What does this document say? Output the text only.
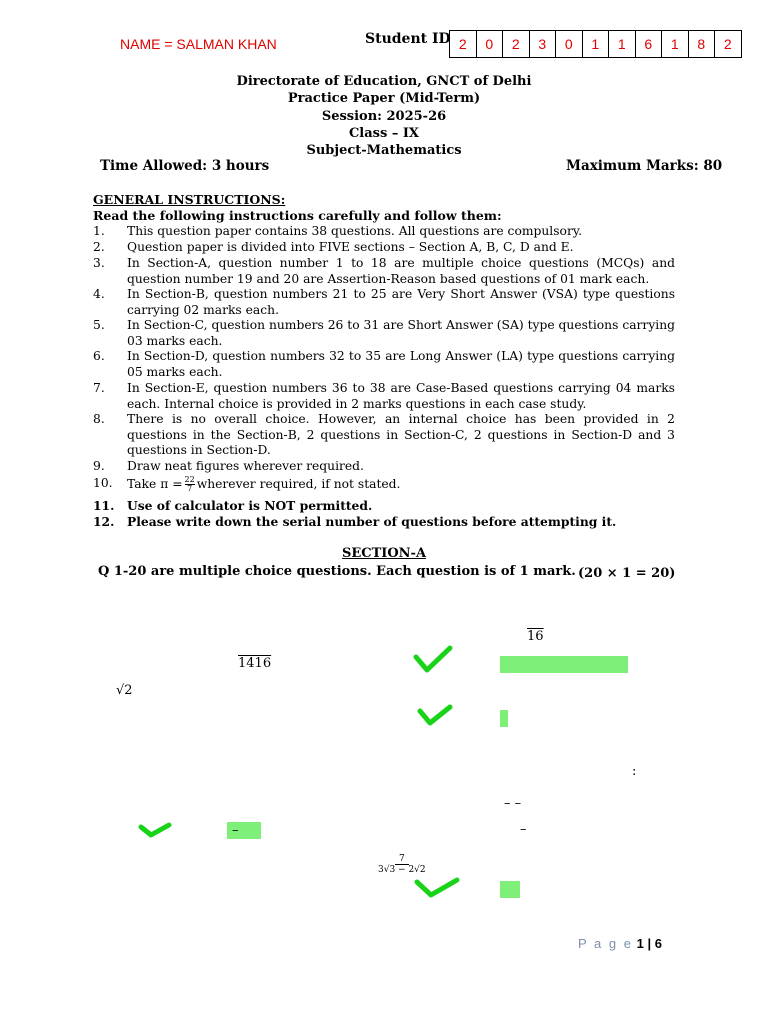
NAME = SALMAN KHAN	Student ID 2	0	2	3	0	1	1	6	1	8	2
Directorate of Education, GNCT of Delhi
Practice Paper (Mid-Term)
Session: 2025-26
Class – IX
Subject-Mathematics
Time Allowed: 3 hours	Maximum Marks: 80
GENERAL INSTRUCTIONS:
Read the following instructions carefully and follow them:
1.	This question paper contains 38 questions. All questions are compulsory.
2.	Question paper is divided into FIVE sections – Section A, B, C, D and E.
3.	In Section-A, question number 1 to 18 are multiple choice questions (MCQs) and question number 19 and 20 are Assertion-Reason based questions of 01 mark each.
4.	In Section-B, question numbers 21 to 25 are Very Short Answer (VSA) type questions carrying 02 marks each.
5.	In Section-C, question numbers 26 to 31 are Short Answer (SA) type questions carrying 03 marks each.
6.	In Section-D, question numbers 32 to 35 are Long Answer (LA) type questions carrying 05 marks each.
7.	In Section-E, question numbers 36 to 38 are Case-Based questions carrying 04 marks each. Internal choice is provided in 2 marks questions in each case study.
8.	There is no overall choice. However, an internal choice has been provided in 2 questions in the Section-B, 2 questions in Section-C, 2 questions in Section-D and 3 questions in Section-D.
9.	Draw neat figures wherever required.
10.	Take $\pi = \frac{22}{7}$ wherever required, if not stated.
11.	Use of calculator is NOT permitted.
12.	Please write down the serial number of questions before attempting it.
SECTION-A
Q 1-20 are multiple choice questions. Each question is of 1 mark. (20 × 1 = 20)
16
1416
√2
:
– –
–
$\frac{7}{3√3 - 2√2}$
–
P a g e 1 | 6
